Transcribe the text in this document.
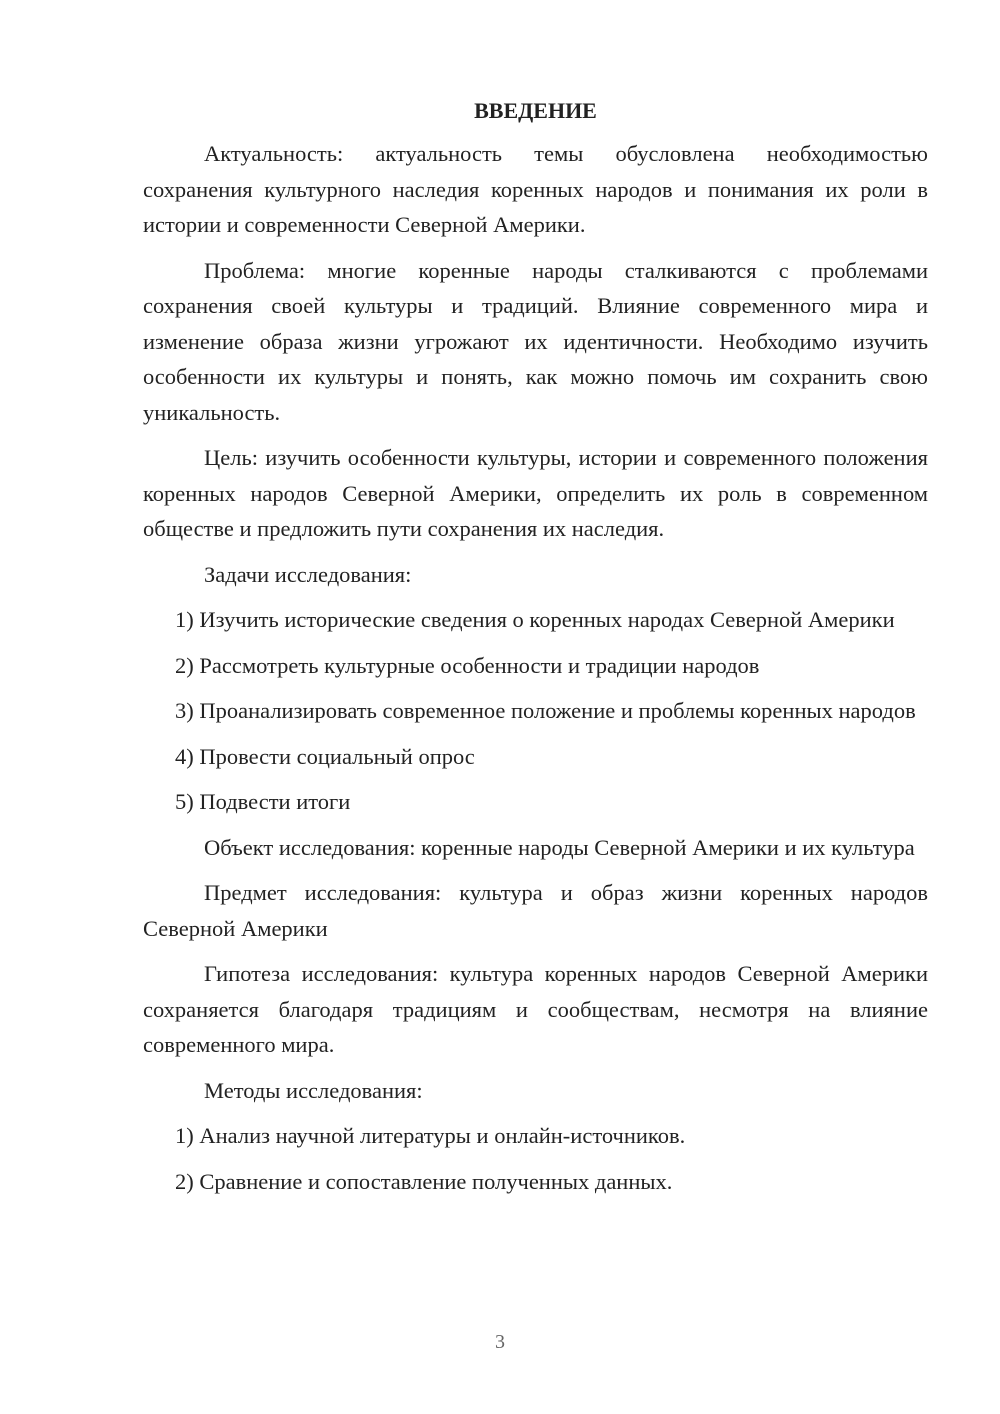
ВВЕДЕНИЕ

Актуальность: актуальность темы обусловлена необходимостью сохранения культурного наследия коренных народов и понимания их роли в истории и современности Северной Америки.

Проблема: многие коренные народы сталкиваются с проблемами сохранения своей культуры и традиций. Влияние современного мира и изменение образа жизни угрожают их идентичности. Необходимо изучить особенности их культуры и понять, как можно помочь им сохранить свою уникальность.

Цель: изучить особенности культуры, истории и современного положения коренных народов Северной Америки, определить их роль в современном обществе и предложить пути сохранения их наследия.

Задачи исследования:

1) Изучить исторические сведения о коренных народах Северной Америки

2) Рассмотреть культурные особенности и традиции народов

3) Проанализировать современное положение и проблемы коренных народов

4) Провести социальный опрос

5) Подвести итоги

Объект исследования: коренные народы Северной Америки и их культура

Предмет исследования: культура и образ жизни коренных народов Северной Америки

Гипотеза исследования: культура коренных народов Северной Америки сохраняется благодаря традициям и сообществам, несмотря на влияние современного мира.

Методы исследования:

1) Анализ научной литературы и онлайн-источников.

2) Сравнение и сопоставление полученных данных.

3
